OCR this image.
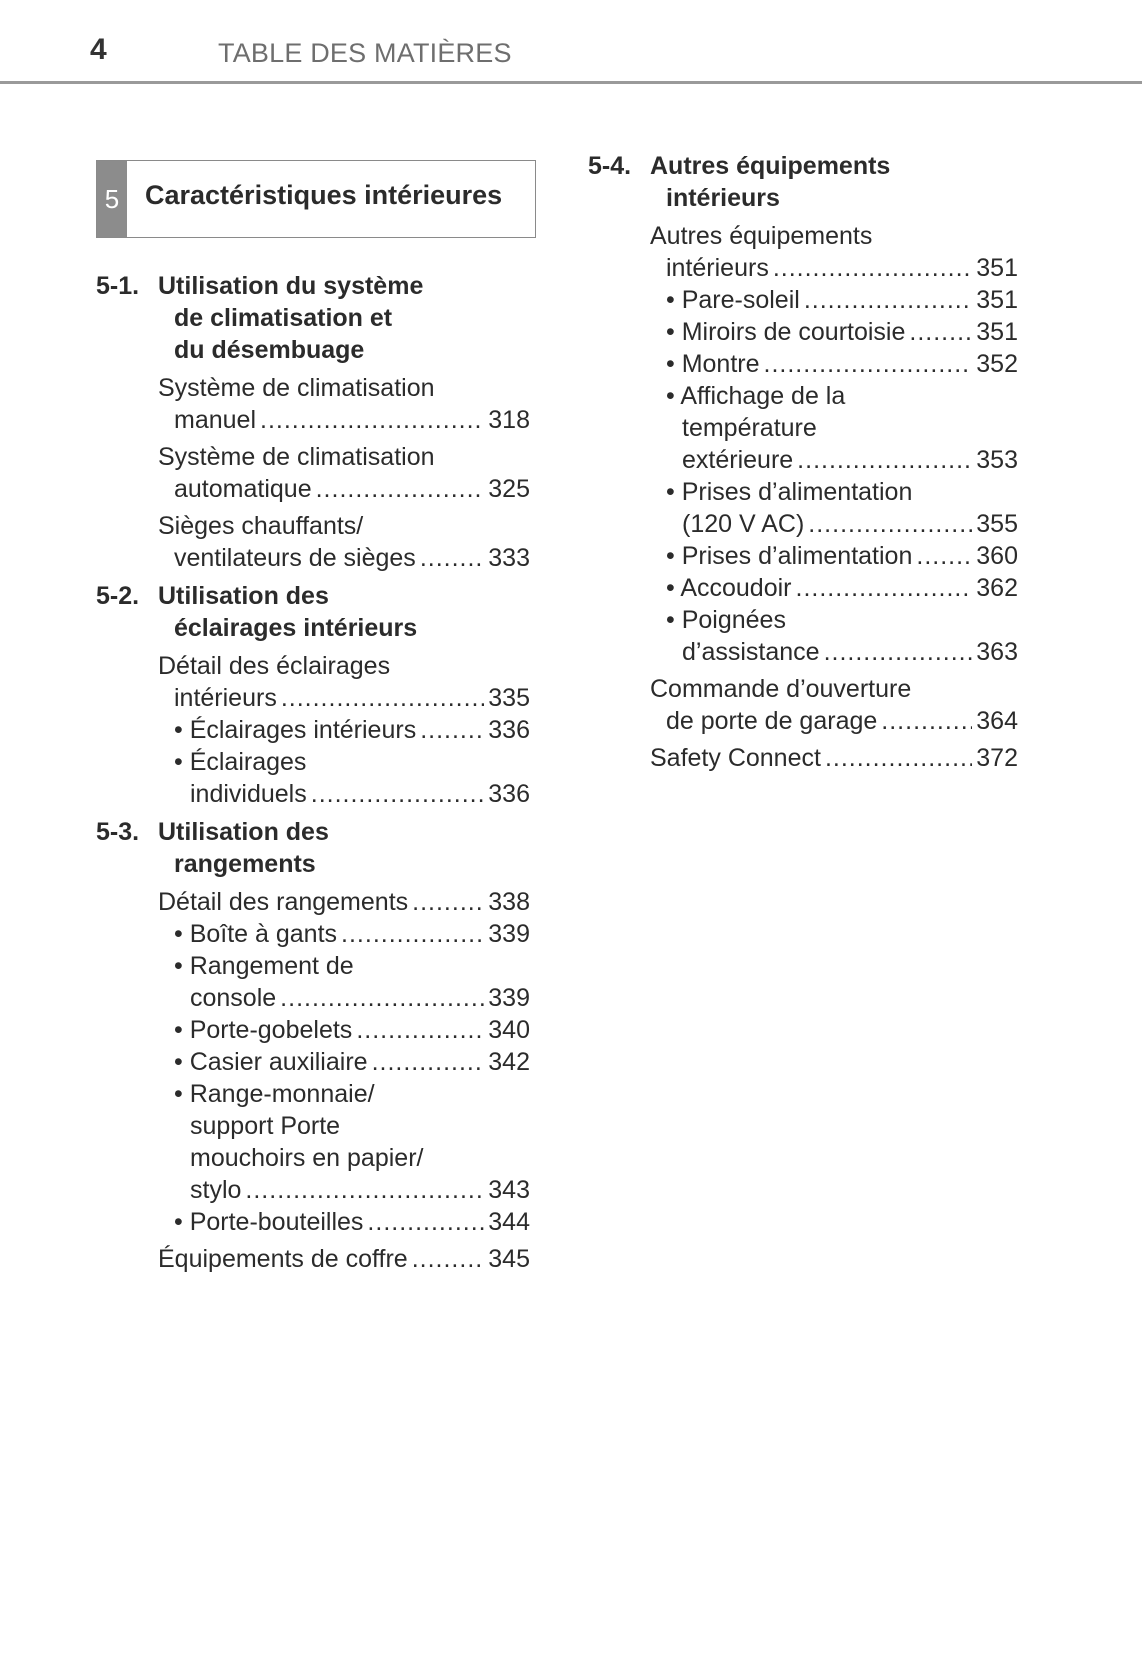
4	TABLE DES MATIÈRES
5 Caractéristiques intérieures
5-1. Utilisation du système
de climatisation et
du désembuage
Système de climatisation
manuel .....	318
Système de climatisation
automatique .....	325
Sièges chauffants/
ventilateurs de sièges .....	333
5-2. Utilisation des
éclairages intérieurs
Détail des éclairages
intérieurs .....	335
• Éclairages intérieurs .....	336
• Éclairages
individuels .....	336
5-3. Utilisation des
rangements
Détail des rangements .....	338
• Boîte à gants .....	339
• Rangement de
console .....	339
• Porte-gobelets .....	340
• Casier auxiliaire .....	342
• Range-monnaie/
support Porte
mouchoirs en papier/
stylo .....	343
• Porte-bouteilles .....	344
Équipements de coffre .....	345
5-4. Autres équipements
intérieurs
Autres équipements
intérieurs .....	351
• Pare-soleil .....	351
• Miroirs de courtoisie .....	351
• Montre .....	352
• Affichage de la
température
extérieure .....	353
• Prises d’alimentation
(120 V AC) .....	355
• Prises d’alimentation .....	360
• Accoudoir .....	362
• Poignées
d’assistance .....	363
Commande d’ouverture
de porte de garage .....	364
Safety Connect .....	372
